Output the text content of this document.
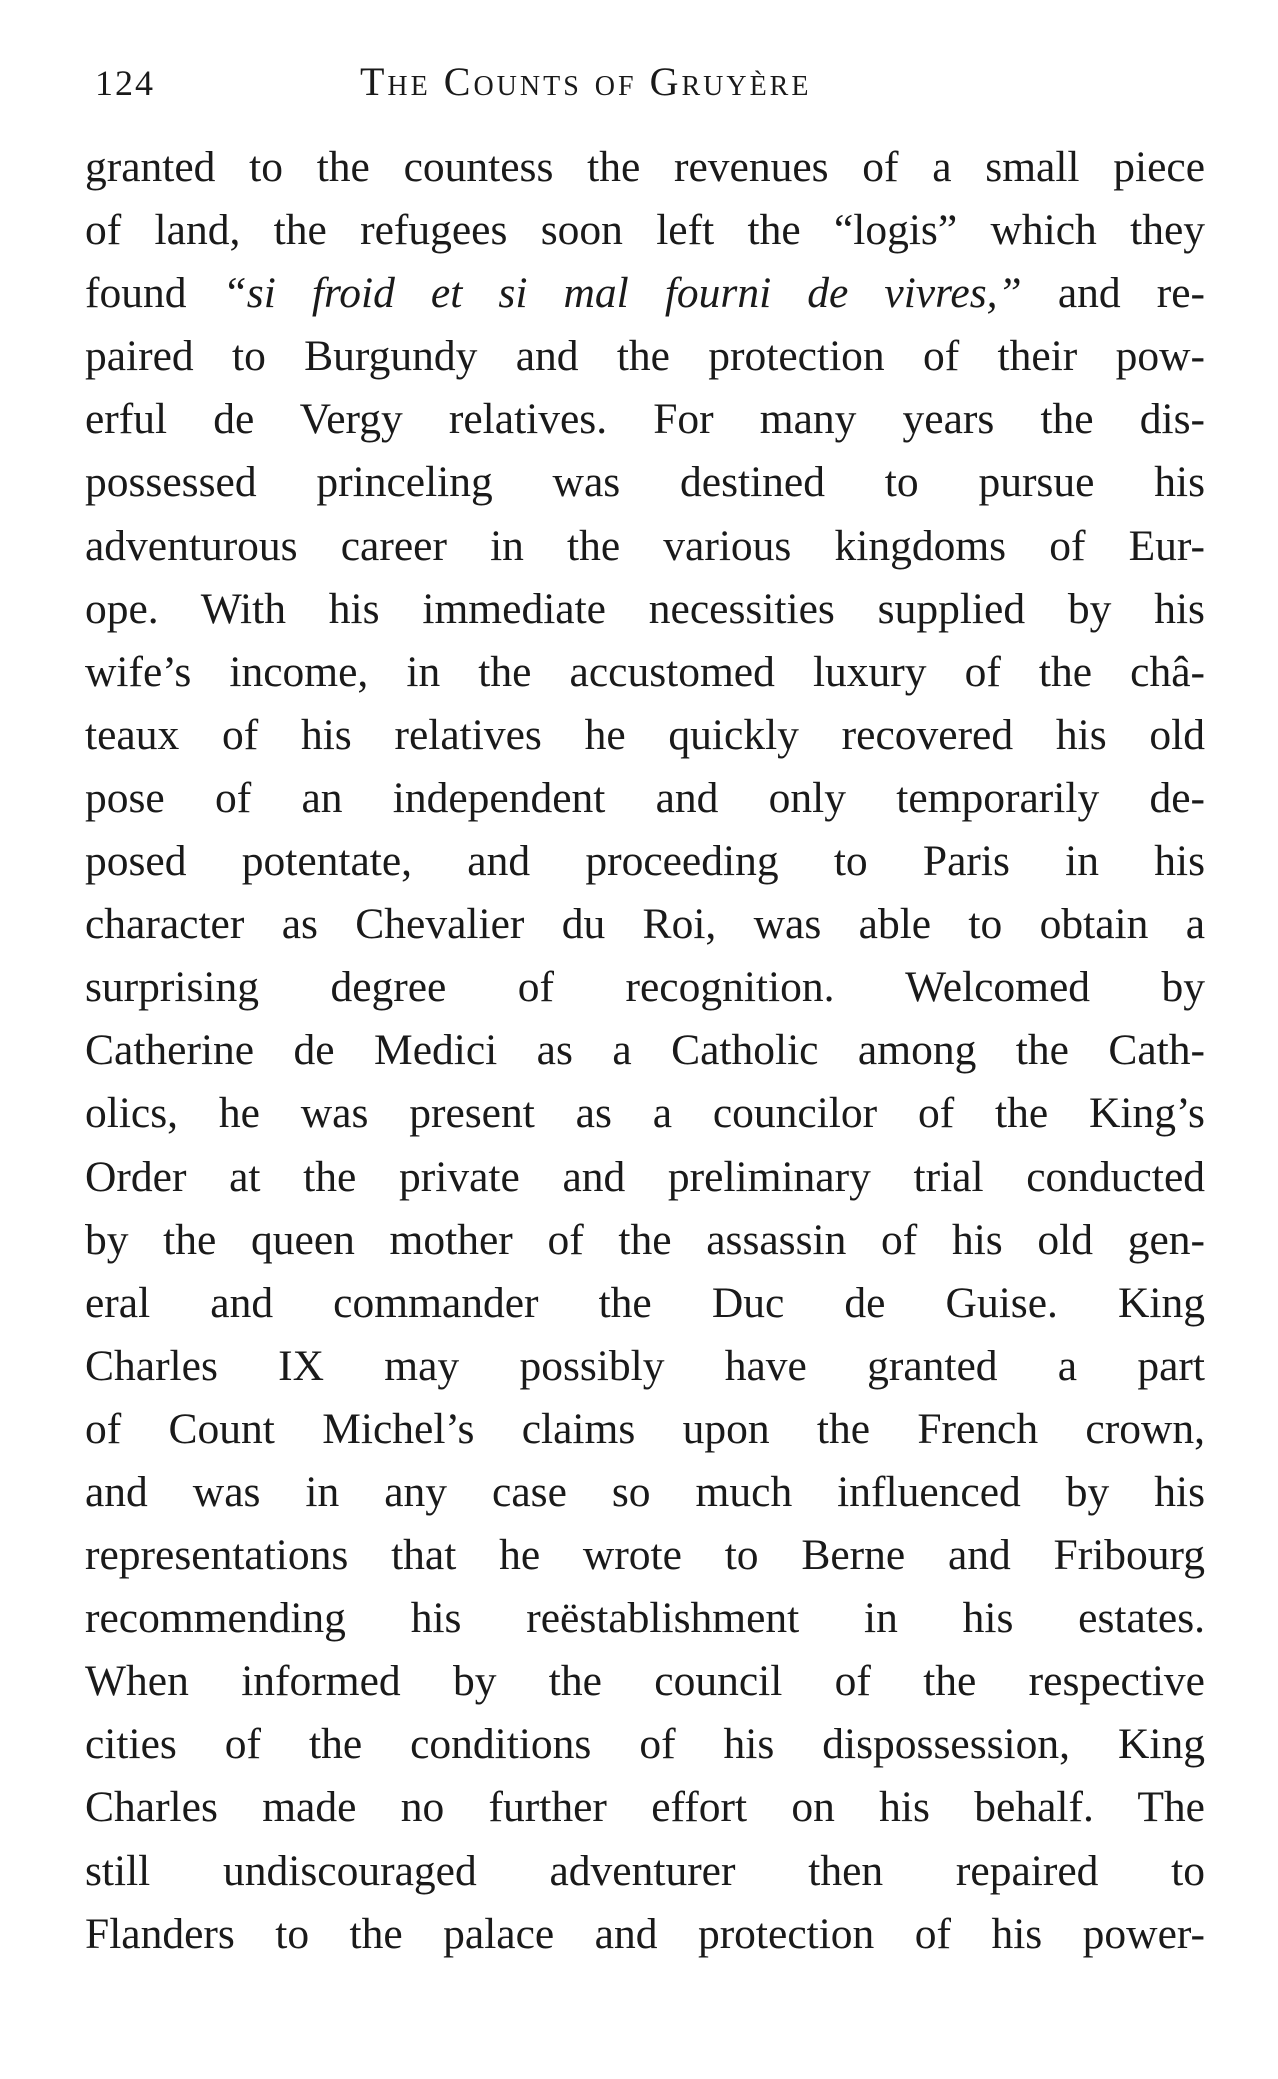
124	The Counts of Gruyère
granted to the countess the revenues of a small piece
of land, the refugees soon left the “logis” which they
found “si froid et si mal fourni de vivres,” and re-
paired to Burgundy and the protection of their pow-
erful de Vergy relatives. For many years the dis-
possessed princeling was destined to pursue his
adventurous career in the various kingdoms of Eur-
ope. With his immediate necessities supplied by his
wife’s income, in the accustomed luxury of the châ-
teaux of his relatives he quickly recovered his old
pose of an independent and only temporarily de-
posed potentate, and proceeding to Paris in his
character as Chevalier du Roi, was able to obtain a
surprising degree of recognition. Welcomed by
Catherine de Medici as a Catholic among the Cath-
olics, he was present as a councilor of the King’s
Order at the private and preliminary trial conducted
by the queen mother of the assassin of his old gen-
eral and commander the Duc de Guise. King
Charles IX may possibly have granted a part
of Count Michel’s claims upon the French crown,
and was in any case so much influenced by his
representations that he wrote to Berne and Fribourg
recommending his reëstablishment in his estates.
When informed by the council of the respective
cities of the conditions of his dispossession, King
Charles made no further effort on his behalf. The
still undiscouraged adventurer then repaired to
Flanders to the palace and protection of his power-
